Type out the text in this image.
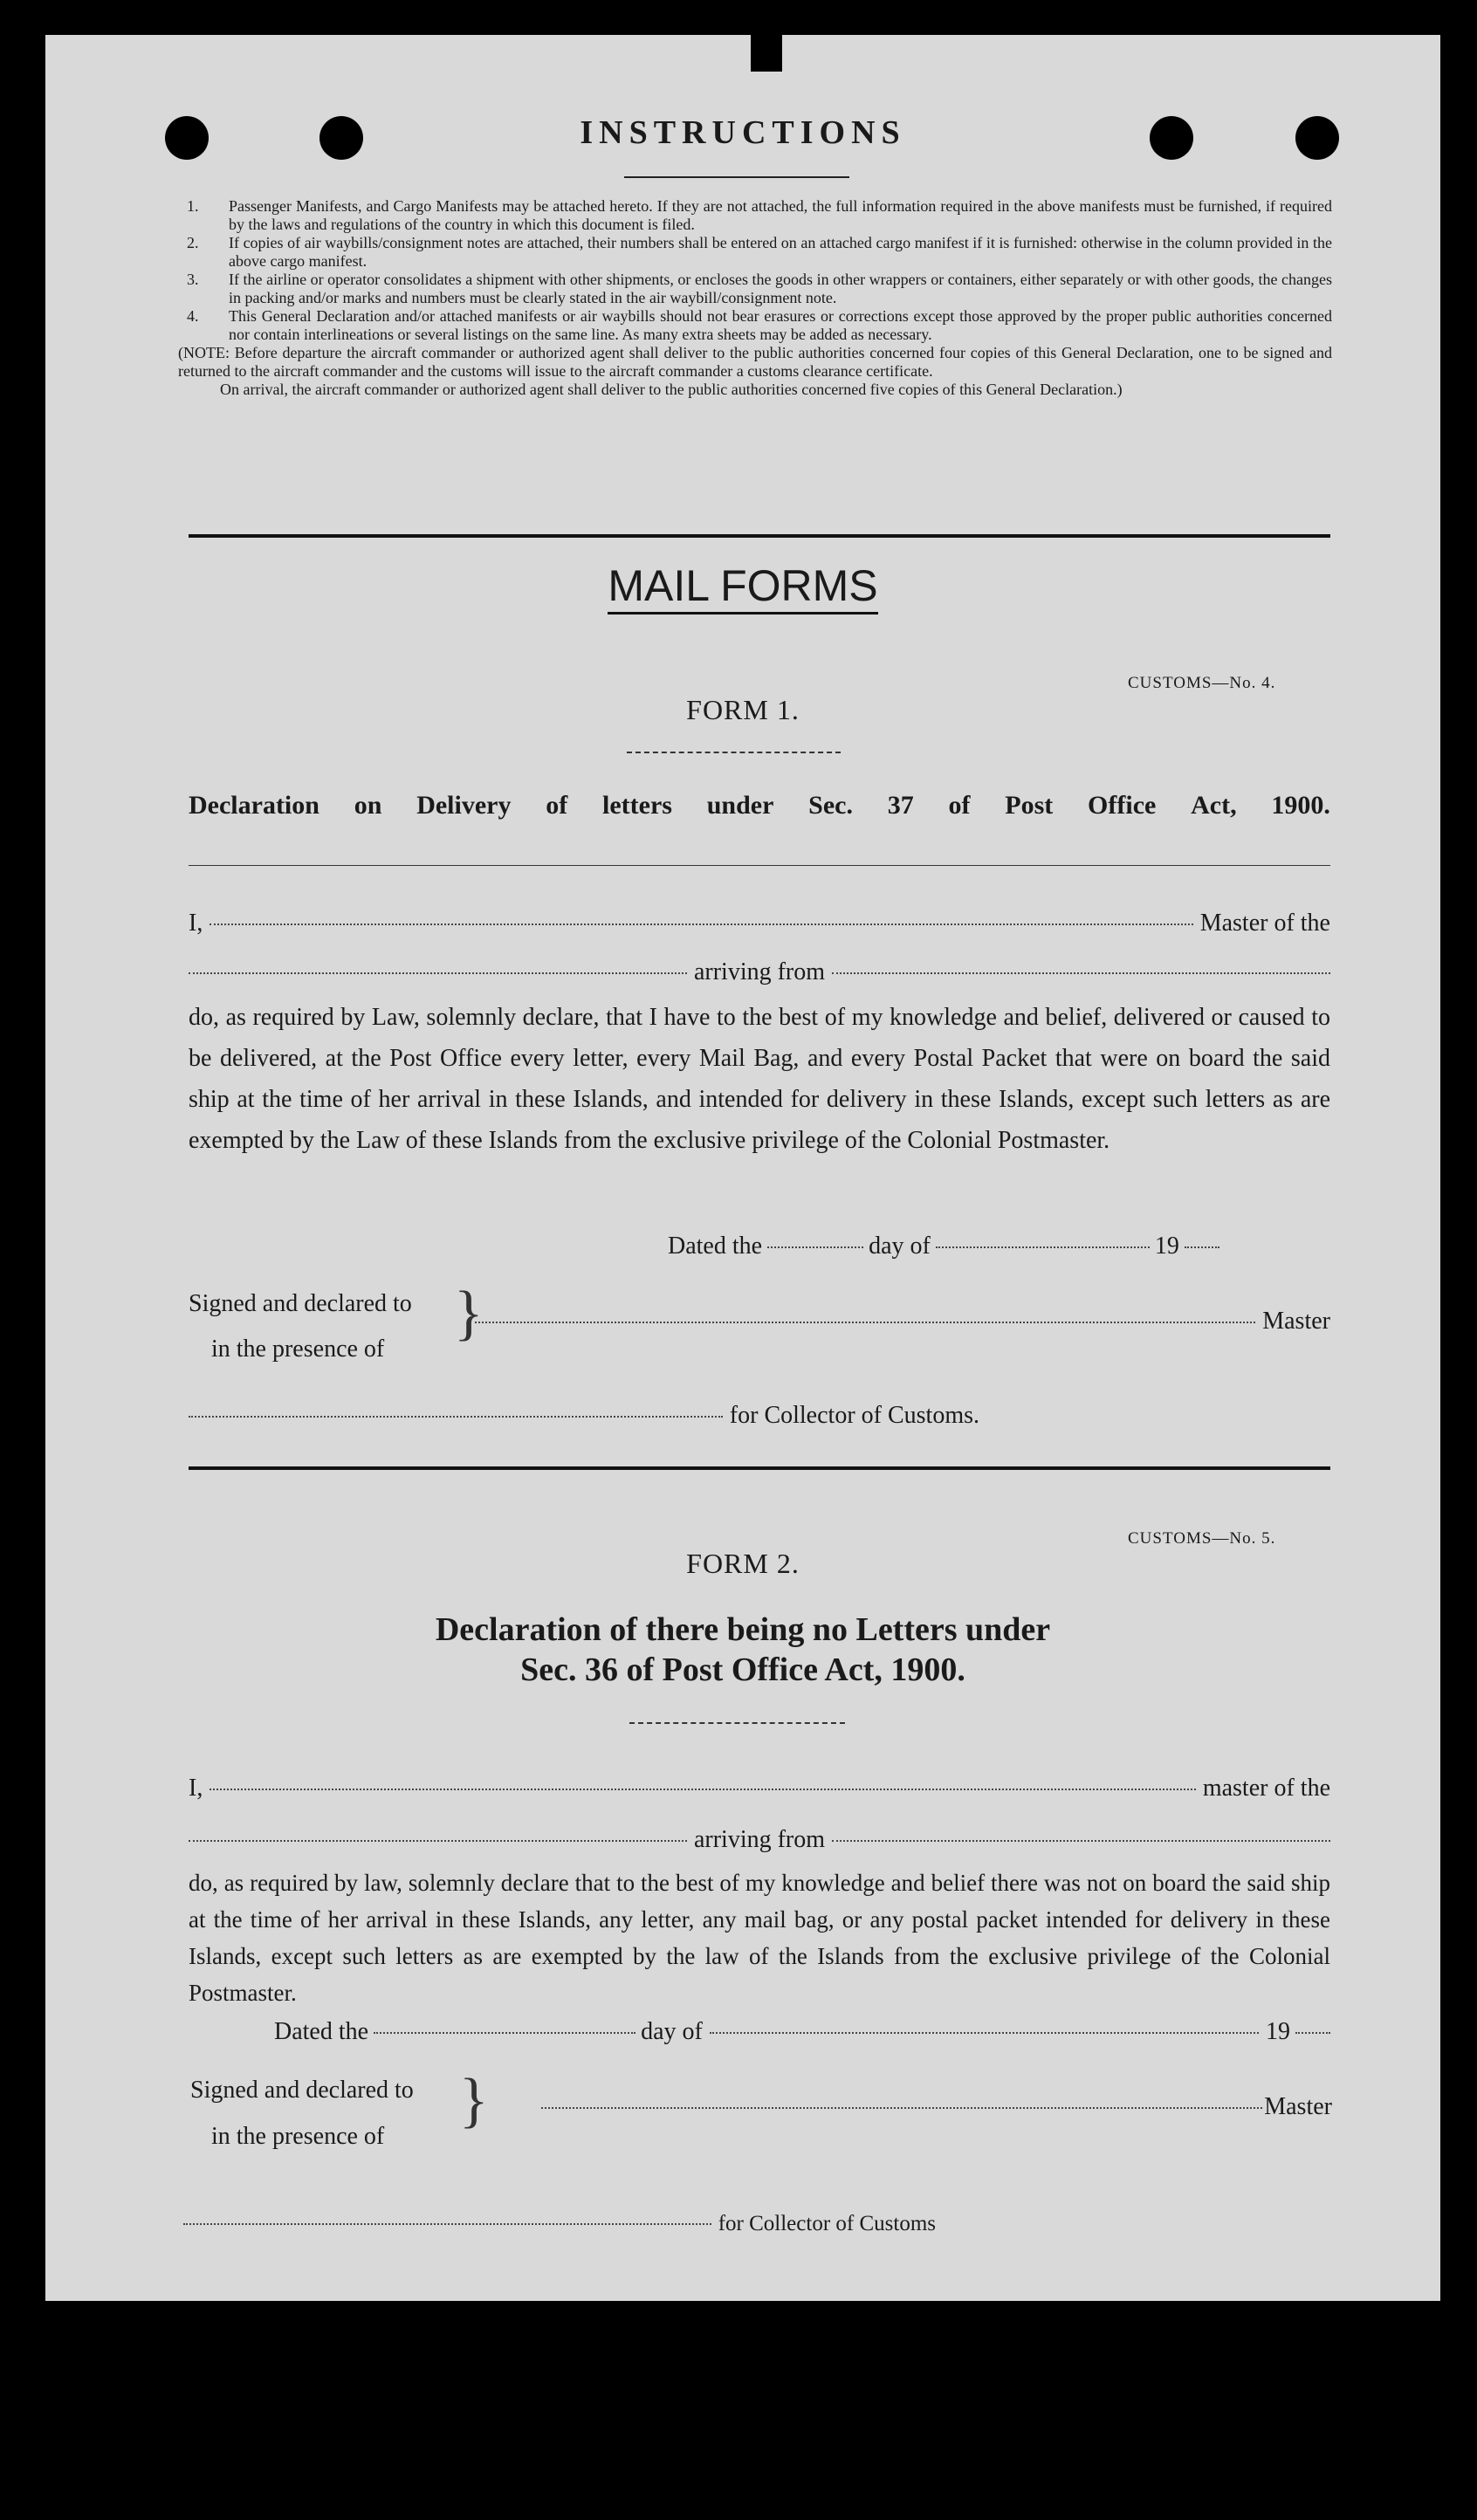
INSTRUCTIONS
1.	Passenger Manifests, and Cargo Manifests may be attached hereto. If they are not attached, the full information required in the above manifests must be furnished, if required by the laws and regulations of the country in which this document is filed.
2.	If copies of air waybills/consignment notes are attached, their numbers shall be entered on an attached cargo manifest if it is furnished: otherwise in the column provided in the above cargo manifest.
3.	If the airline or operator consolidates a shipment with other shipments, or encloses the goods in other wrappers or containers, either separately or with other goods, the changes in packing and/or marks and numbers must be clearly stated in the air waybill/consignment note.
4.	This General Declaration and/or attached manifests or air waybills should not bear erasures or corrections except those approved by the proper public authorities concerned nor contain interlineations or several listings on the same line. As many extra sheets may be added as necessary.
(NOTE: Before departure the aircraft commander or authorized agent shall deliver to the public authorities concerned four copies of this General Declaration, one to be signed and returned to the aircraft commander and the customs will issue to the aircraft commander a customs clearance certificate.
On arrival, the aircraft commander or authorized agent shall deliver to the public authorities concerned five copies of this General Declaration.)
MAIL FORMS
CUSTOMS—No. 4.
FORM 1.
Declaration on Delivery of letters under Sec. 37 of Post Office Act, 1900.
I,	Master of the
arriving from
do, as required by Law, solemnly declare, that I have to the best of my knowledge and belief, delivered or caused to be delivered, at the Post Office every letter, every Mail Bag, and every Postal Packet that were on board the said ship at the time of her arrival in these Islands, and intended for delivery in these Islands, except such letters as are exempted by the Law of these Islands from the exclusive privilege of the Colonial Postmaster.
Dated the	day of	19
Signed and declared to
in the presence of
}	Master
for Collector of Customs.
CUSTOMS—No. 5.
FORM 2.
Declaration of there being no Letters under
Sec. 36 of Post Office Act, 1900.
I,	master of the
arriving from
do, as required by law, solemnly declare that to the best of my knowledge and belief there was not on board the said ship at the time of her arrival in these Islands, any letter, any mail bag, or any postal packet intended for delivery in these Islands, except such letters as are exempted by the law of the Islands from the exclusive privilege of the Colonial Postmaster.
Dated the	day of	19
Signed and declared to
in the presence of
}	Master
for Collector of Customs
